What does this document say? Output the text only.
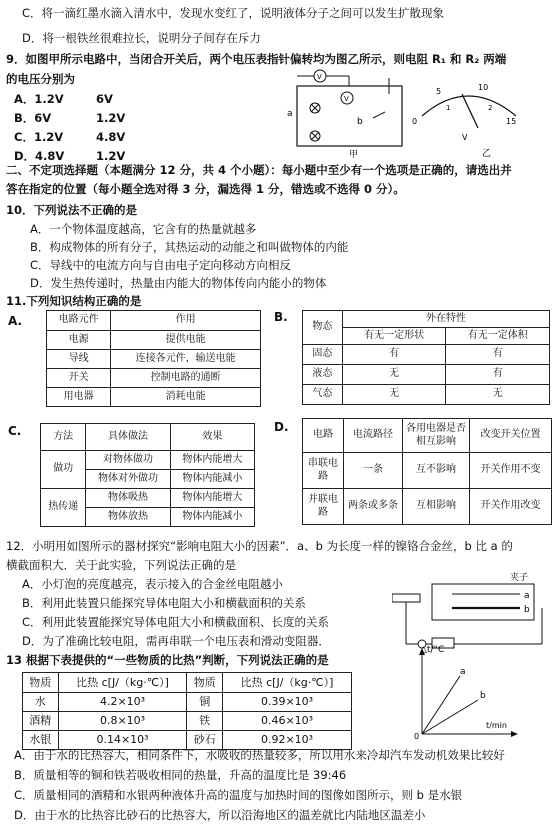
C．将一滴红墨水滴入清水中，发现水变红了，说明液体分子之间可以发生扩散现象
D．将一根铁丝很难拉长，说明分子间存在斥力
9．如图甲所示电路中，当闭合开关后，两个电压表指针偏转均为图乙所示，则电阻 R₁ 和 R₂ 两端
的电压分别为
A．1.2V	6V
B．6V	1.2V
C．1.2V	4.8V
D．4.8V	1.2V
V
V
a
b
甲
0	15
5	10
1	2
V
乙
二、不定项选择题（本题满分 12 分，共 4 个小题）：每小题中至少有一个选项是正确的，请选出并
答在指定的位置（每小题全选对得 3 分，漏选得 1 分，错选或不选得 0 分）。
10．下列说法不正确的是
A．一个物体温度越高，它含有的热量就越多
B．构成物体的所有分子，其热运动的动能之和叫做物体的内能
C．导线中的电流方向与自由电子定向移动方向相反
D．发生热传递时，热量由内能大的物体传向内能小的物体
11.下列知识结构正确的是
A.	电路元件	作用
电源	提供电能
导线	连接各元件，输送电能
开关	控制电路的通断
用电器	消耗电能
B.
物态	外在特性	
	有无一定形状	有无一定体积
固态	有	有
液态	无	有
气态	无	无
C.	方法	具体做法	效果
做功	对物体做功	物体内能增大
	物体对外做功	物体内能减小
热传递	物体吸热	物体内能增大
	物体放热	物体内能减小
D.
电路	电流路径	各用电器是否相互影响	改变开关位置
串联电路	一条	互不影响	开关作用不变
并联电路	两条或多条	互相影响	开关作用改变
12．小明用如图所示的器材探究“影响电阻大小的因素”．a、b 为长度一样的镍铬合金丝，b 比 a 的
横截面积大．关于此实验，下列说法正确的是
A．小灯泡的亮度越亮，表示接入的合金丝电阻越小
B．利用此装置只能探究导体电阻大小和横截面积的关系
C．利用此装置能探究导体电阻大小和横截面积、长度的关系
D．为了准确比较电阻，需再串联一个电压表和滑动变阻器．
a
b
夹子
13 根据下表提供的“一些物质的比热”判断，下列说法正确的是
物质	比热 c[J/（kg·℃）]	物质	比热 c[J/（kg·℃）]
水	4.2×10³	铜	0.39×10³
酒精	0.8×10³	铁	0.46×10³
水银	0.14×10³	砂石	0.92×10³
a
b
0
△t/°C
t/min
A．由于水的比热容大，相同条件下，水吸收的热量较多，所以用水来冷却汽车发动机效果比较好
B．质量相等的铜和铁若吸收相同的热量，升高的温度比是 39:46
C．质量相同的酒精和水银两种液体升高的温度与加热时间的图像如图所示，则 b 是水银
D．由于水的比热容比砂石的比热容大，所以沿海地区的温差就比内陆地区温差小
